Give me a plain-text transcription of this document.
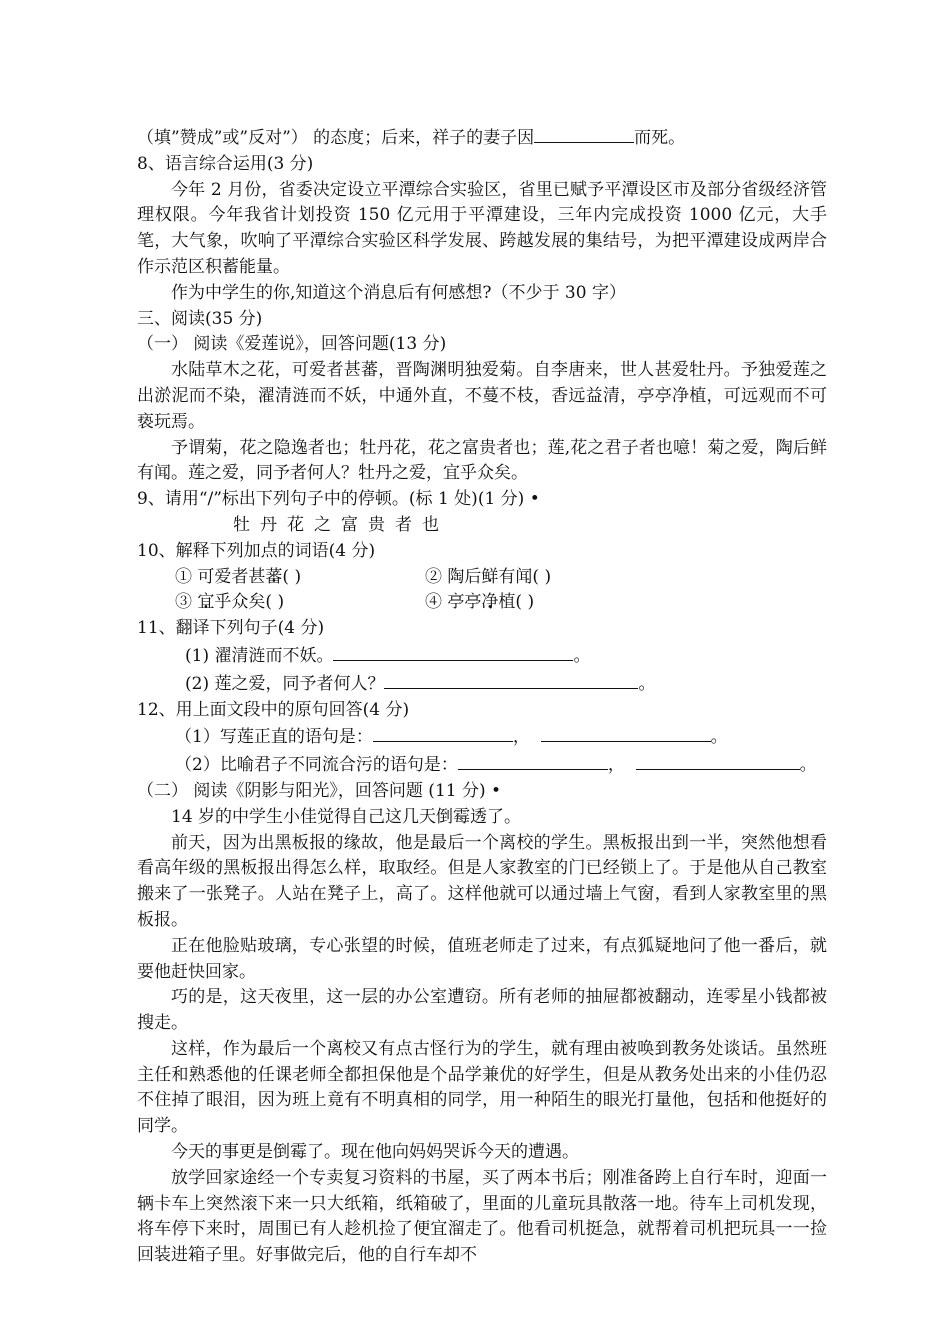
（填”赞成”或”反对”） 的态度；后来，祥子的妻子因	而死。
8、语言综合运用(3 分)
今年 2 月份，省委决定设立平潭综合实验区，省里已赋予平潭设区市及部分省级经济管理权限。今年我省计划投资 150 亿元用于平潭建设，三年内完成投资 1000 亿元，大手笔，大气象，吹响了平潭综合实验区科学发展、跨越发展的集结号，为把平潭建设成两岸合作示范区积蓄能量。
作为中学生的你,知道这个消息后有何感想?（不少于 30 字）
三、阅读(35 分)
（一） 阅读《爱莲说》，回答问题(13 分)
水陆草木之花，可爱者甚蕃，晋陶渊明独爱菊。自李唐来，世人甚爱牡丹。予独爱莲之出淤泥而不染，濯清涟而不妖，中通外直，不蔓不枝，香远益清，亭亭净植，可远观而不可亵玩焉。
予谓菊，花之隐逸者也；牡丹花，花之富贵者也；莲,花之君子者也噫！菊之爱，陶后鲜有闻。莲之爱，同予者何人？牡丹之爱，宜乎众矣。
9、请用“/”标出下列句子中的停顿。(标 1 处)(1 分) •
牡丹花之富贵者也
10、解释下列加点的词语(4 分)
① 可爱者甚蕃( )	② 陶后鲜有闻( )
③ 宜乎众矣( )	④ 亭亭净植( )
11、翻译下列句子(4 分)
(1) 濯清涟而不妖。	。
(2) 莲之爱，同予者何人？	。
12、用上面文段中的原句回答(4 分)
（1）写莲正直的语句是：	，	。
（2）比喻君子不同流合污的语句是：	，	。
（二） 阅读《阴影与阳光》，回答问题 (11 分) •
14 岁的中学生小佳觉得自己这几天倒霉透了。
前天，因为出黑板报的缘故，他是最后一个离校的学生。黑板报出到一半，突然他想看看高年级的黑板报出得怎么样，取取经。但是人家教室的门已经锁上了。于是他从自己教室搬来了一张凳子。人站在凳子上，高了。这样他就可以通过墙上气窗，看到人家教室里的黑板报。
正在他脸贴玻璃，专心张望的时候，值班老师走了过来，有点狐疑地问了他一番后，就要他赶快回家。
巧的是，这天夜里，这一层的办公室遭窃。所有老师的抽屉都被翻动，连零星小钱都被搜走。
这样，作为最后一个离校又有点古怪行为的学生，就有理由被唤到教务处谈话。虽然班主任和熟悉他的任课老师全都担保他是个品学兼优的好学生，但是从教务处出来的小佳仍忍不住掉了眼泪，因为班上竟有不明真相的同学，用一种陌生的眼光打量他，包括和他挺好的同学。
今天的事更是倒霉了。现在他向妈妈哭诉今天的遭遇。
放学回家途经一个专卖复习资料的书屋，买了两本书后；刚准备跨上自行车时，迎面一辆卡车上突然滚下来一只大纸箱，纸箱破了，里面的儿童玩具散落一地。待车上司机发现，将车停下来时，周围已有人趁机捡了便宜溜走了。他看司机挺急，就帮着司机把玩具一一捡回装进箱子里。好事做完后，他的自行车却不
